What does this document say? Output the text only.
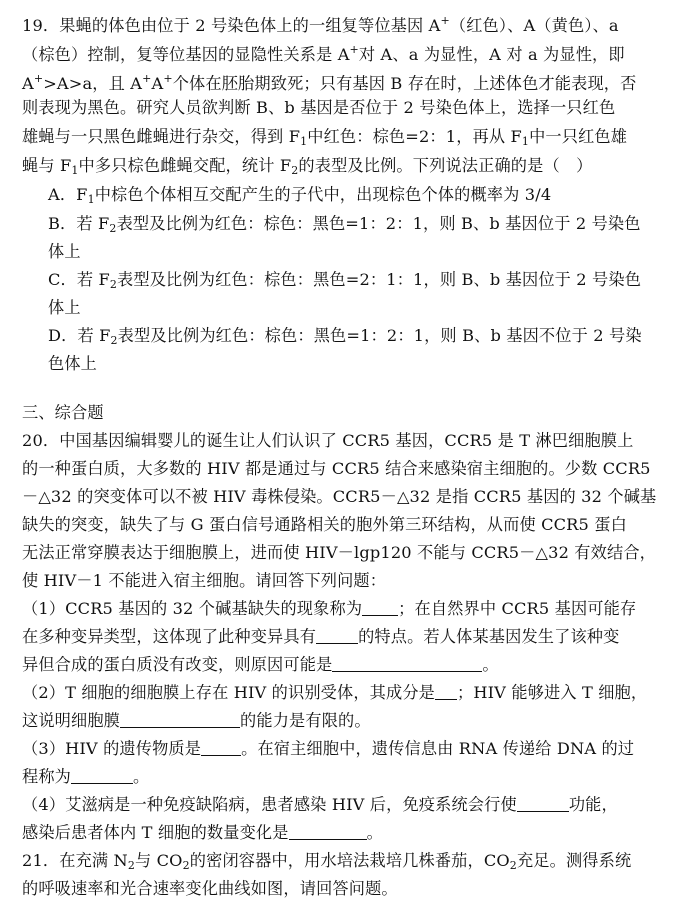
19．果蝇的体色由位于 2 号染色体上的一组复等位基因 A+（红色）、A（黄色）、a
（棕色）控制，复等位基因的显隐性关系是 A+对 A、a 为显性，A 对 a 为显性，即
A+>A>a，且 A+A+个体在胚胎期致死；只有基因 B 存在时，上述体色才能表现，否
则表现为黑色。研究人员欲判断 B、b 基因是否位于 2 号染色体上，选择一只红色
雄蝇与一只黑色雌蝇进行杂交，得到 $F_1$中红色：棕色=2：1，再从 $F_1$中一只红色雄
蝇与 $F_1$中多只棕色雌蝇交配，统计 $F_2$的表型及比例。下列说法正确的是（　）
A．$F_1$中棕色个体相互交配产生的子代中，出现棕色个体的概率为 3/4
B．若 $F_2$表型及比例为红色：棕色：黑色=1：2：1，则 B、b 基因位于 2 号染色
体上
C．若 $F_2$表型及比例为红色：棕色：黑色=2：1：1，则 B、b 基因位于 2 号染色
体上
D．若 $F_2$表型及比例为红色：棕色：黑色=1：2：1，则 B、b 基因不位于 2 号染
色体上
三、综合题
20．中国基因编辑婴儿的诞生让人们认识了 CCR5 基因，CCR5 是 T 淋巴细胞膜上
的一种蛋白质，大多数的 HIV 都是通过与 CCR5 结合来感染宿主细胞的。少数 CCR5
－△32 的突变体可以不被 HIV 毒株侵染。CCR5－△32 是指 CCR5 基因的 32 个碱基
缺失的突变，缺失了与 G 蛋白信号通路相关的胞外第三环结构，从而使 CCR5 蛋白
无法正常穿膜表达于细胞膜上，进而使 HIV－lgp120 不能与 CCR5－△32 有效结合，
使 HIV－1 不能进入宿主细胞。请回答下列问题：
（1）CCR5 基因的 32 个碱基缺失的现象称为 ；在自然界中 CCR5 基因可能存
在多种变异类型，这体现了此种变异具有	的特点。若人体某基因发生了该种变
异但合成的蛋白质没有改变，则原因可能是	。
（2）T 细胞的细胞膜上存在 HIV 的识别受体，其成分是 ；HIV 能够进入 T 细胞，
这说明细胞膜	的能力是有限的。
（3）HIV 的遗传物质是 。在宿主细胞中，遗传信息由 RNA 传递给 DNA 的过
程称为	。
（4）艾滋病是一种免疫缺陷病，患者感染 HIV 后，免疫系统会行使	功能，
感染后患者体内 T 细胞的数量变化是	。
21．在充满 $N_2$与 $CO_2$的密闭容器中，用水培法栽培几株番茄，$CO_2$充足。测得系统
的呼吸速率和光合速率变化曲线如图，请回答问题。
